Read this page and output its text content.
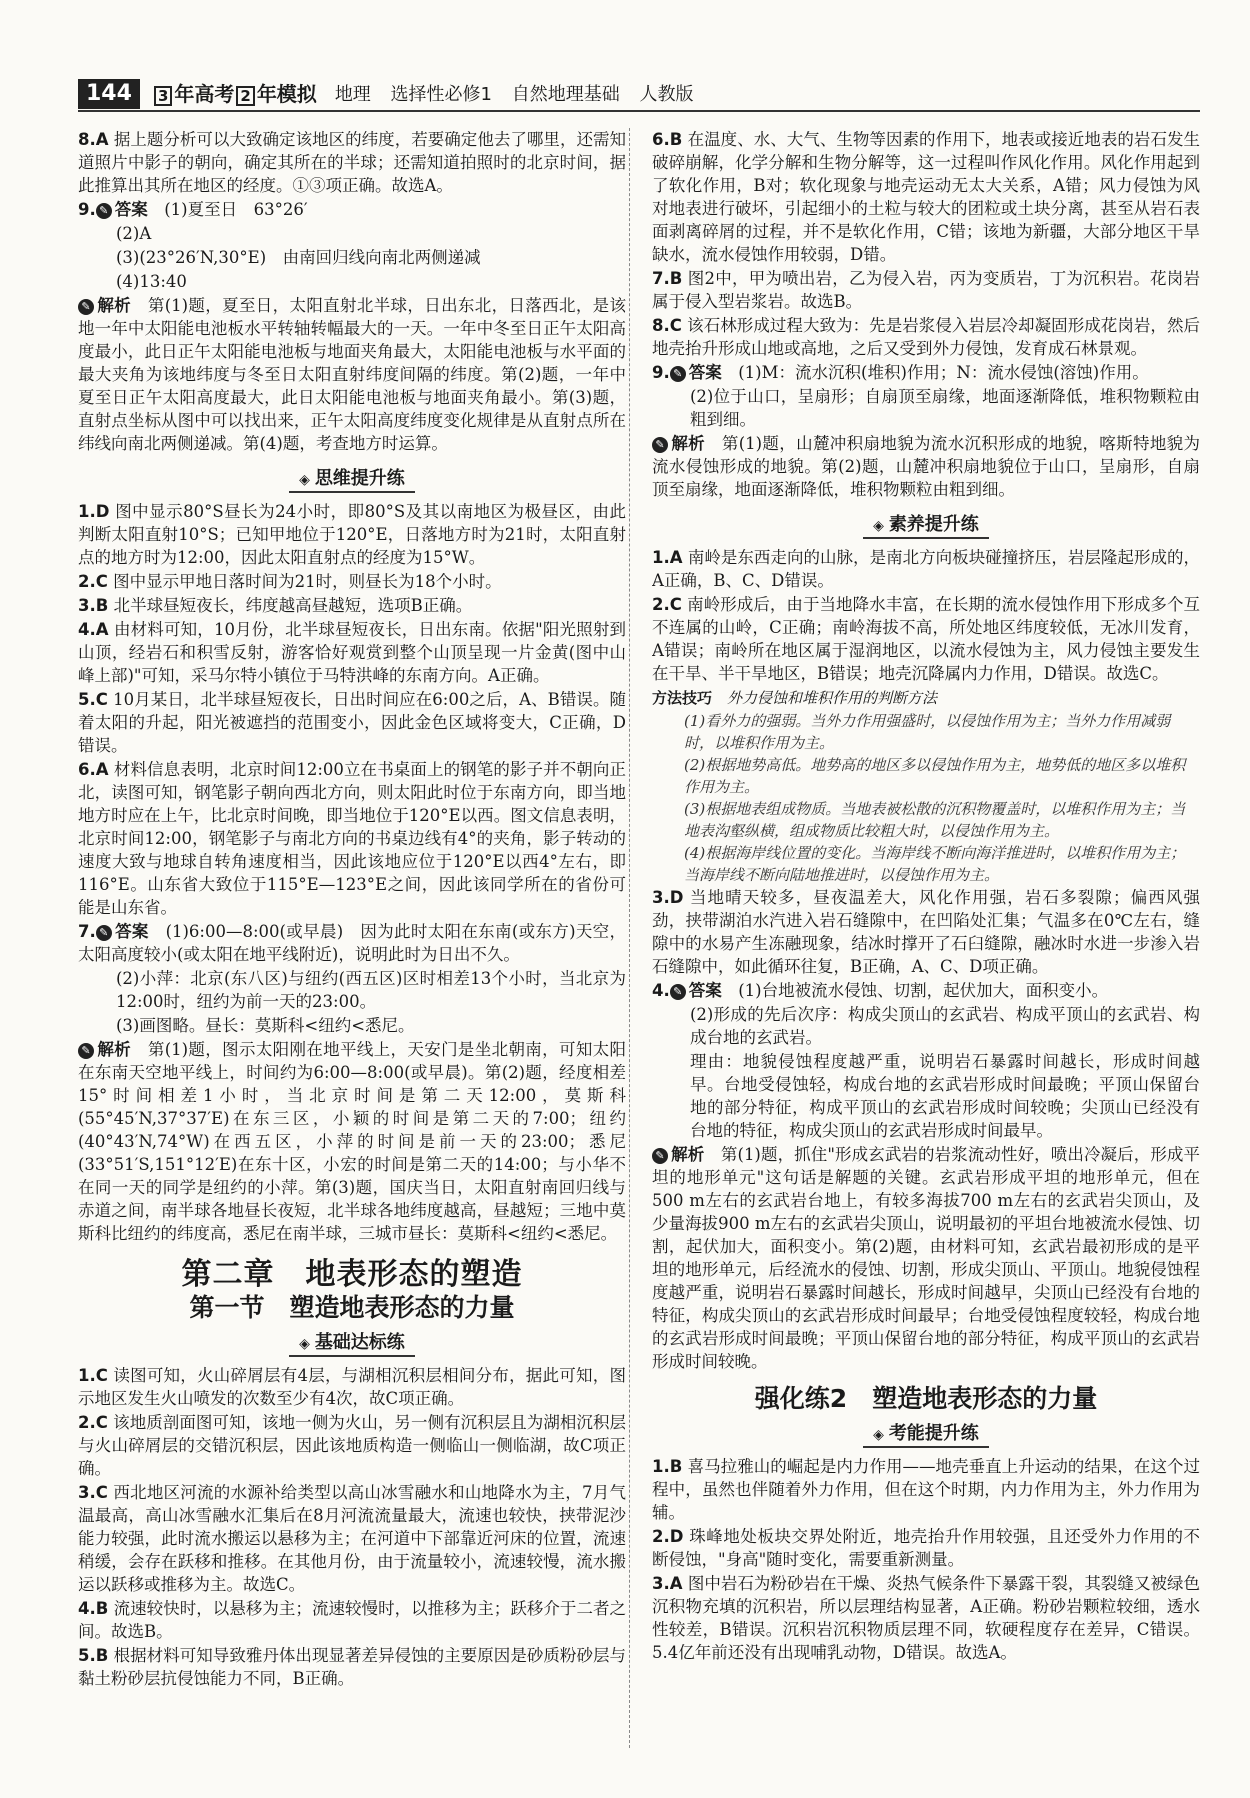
144	3 年高考 2 年模拟 地理 选择性必修1 自然地理基础 人教版
8.A 据上题分析可以大致确定该地区的纬度，若要确定他去了哪里，还需知道照片中影子的朝向，确定其所在的半球；还需知道拍照时的北京时间，据此推算出其所在地区的经度。①③项正确。故选A。
9. ✎ 答案　 (1)夏至日　63°26′
(2)A
(3)(23°26′N,30°E)　由南回归线向南北两侧递减
(4)13:40
✎ 解析　 第(1)题，夏至日，太阳直射北半球，日出东北，日落西北，是该地一年中太阳能电池板水平转轴转幅最大的一天。一年中冬至日正午太阳高度最小，此日正午太阳能电池板与地面夹角最大，太阳能电池板与水平面的最大夹角为该地纬度与冬至日太阳直射纬度间隔的纬度。第(2)题，一年中夏至日正午太阳高度最大，此日太阳能电池板与地面夹角最小。第(3)题，直射点坐标从图中可以找出来，正午太阳高度纬度变化规律是从直射点所在纬线向南北两侧递减。第(4)题，考查地方时运算。
◈ 思维提升练
1.D 图中显示80°S昼长为24小时，即80°S及其以南地区为极昼区，由此判断太阳直射10°S；已知甲地位于120°E，日落地方时为21时，太阳直射点的地方时为12:00，因此太阳直射点的经度为15°W。
2.C 图中显示甲地日落时间为21时，则昼长为18个小时。
3.B 北半球昼短夜长，纬度越高昼越短，选项B正确。
4.A 由材料可知，10月份，北半球昼短夜长，日出东南。依据"阳光照射到山顶，经岩石和积雪反射，游客恰好观赏到整个山顶呈现一片金黄(图中山峰上部)"可知，采马尔特小镇位于马特洪峰的东南方向。A正确。
5.C 10月某日，北半球昼短夜长，日出时间应在6:00之后，A、B错误。随着太阳的升起，阳光被遮挡的范围变小，因此金色区域将变大，C正确，D错误。
6.A 材料信息表明，北京时间12:00立在书桌面上的钢笔的影子并不朝向正北，读图可知，钢笔影子朝向西北方向，则太阳此时位于东南方向，即当地地方时应在上午，比北京时间晚，即当地位于120°E以西。图文信息表明，北京时间12:00，钢笔影子与南北方向的书桌边线有4°的夹角，影子转动的速度大致与地球自转角速度相当，因此该地应位于120°E以西4°左右，即116°E。山东省大致位于115°E—123°E之间，因此该同学所在的省份可能是山东省。
7. ✎ 答案　 (1)6:00—8:00(或早晨)　因为此时太阳在东南(或东方)天空，太阳高度较小(或太阳在地平线附近)，说明此时为日出不久。
(2)小萍：北京(东八区)与纽约(西五区)区时相差13个小时，当北京为12:00时，纽约为前一天的23:00。
(3)画图略。昼长：莫斯科<纽约<悉尼。
✎ 解析　 第(1)题，图示太阳刚在地平线上，天安门是坐北朝南，可知太阳在东南天空地平线上，时间约为6:00—8:00(或早晨)。第(2)题，经度相差15°时间相差1小时，当北京时间是第二天12:00，莫斯科(55°45′N,37°37′E)在东三区，小颖的时间是第二天的7:00；纽约(40°43′N,74°W)在西五区，小萍的时间是前一天的23:00；悉尼(33°51′S,151°12′E)在东十区，小宏的时间是第二天的14:00；与小华不在同一天的同学是纽约的小萍。第(3)题，国庆当日，太阳直射南回归线与赤道之间，南半球各地昼长夜短，北半球各地纬度越高，昼越短；三地中莫斯科比纽约的纬度高，悉尼在南半球，三城市昼长：莫斯科<纽约<悉尼。
第二章　地表形态的塑造
第一节　塑造地表形态的力量
◈ 基础达标练
1.C 读图可知，火山碎屑层有4层，与湖相沉积层相间分布，据此可知，图示地区发生火山喷发的次数至少有4次，故C项正确。
2.C 该地质剖面图可知，该地一侧为火山，另一侧有沉积层且为湖相沉积层与火山碎屑层的交错沉积层，因此该地质构造一侧临山一侧临湖，故C项正确。
3.C 西北地区河流的水源补给类型以高山冰雪融水和山地降水为主，7月气温最高，高山冰雪融水汇集后在8月河流流量最大，流速也较快，挟带泥沙能力较强，此时流水搬运以悬移为主；在河道中下部靠近河床的位置，流速稍缓，会存在跃移和推移。在其他月份，由于流量较小，流速较慢，流水搬运以跃移或推移为主。故选C。
4.B 流速较快时，以悬移为主；流速较慢时，以推移为主；跃移介于二者之间。故选B。
5.B 根据材料可知导致雅丹体出现显著差异侵蚀的主要原因是砂质粉砂层与黏土粉砂层抗侵蚀能力不同，B正确。
6.B 在温度、水、大气、生物等因素的作用下，地表或接近地表的岩石发生破碎崩解，化学分解和生物分解等，这一过程叫作风化作用。风化作用起到了软化作用，B对；软化现象与地壳运动无太大关系，A错；风力侵蚀为风对地表进行破坏，引起细小的土粒与较大的团粒或土块分离，甚至从岩石表面剥离碎屑的过程，并不是软化作用，C错；该地为新疆，大部分地区干旱缺水，流水侵蚀作用较弱，D错。
7.B 图2中，甲为喷出岩，乙为侵入岩，丙为变质岩，丁为沉积岩。花岗岩属于侵入型岩浆岩。故选B。
8.C 该石林形成过程大致为：先是岩浆侵入岩层冷却凝固形成花岗岩，然后地壳抬升形成山地或高地，之后又受到外力侵蚀，发育成石林景观。
9. ✎ 答案　 (1)M：流水沉积(堆积)作用；N：流水侵蚀(溶蚀)作用。
(2)位于山口，呈扇形；自扇顶至扇缘，地面逐渐降低，堆积物颗粒由粗到细。
✎ 解析　 第(1)题，山麓冲积扇地貌为流水沉积形成的地貌，喀斯特地貌为流水侵蚀形成的地貌。第(2)题，山麓冲积扇地貌位于山口，呈扇形，自扇顶至扇缘，地面逐渐降低，堆积物颗粒由粗到细。
◈ 素养提升练
1.A 南岭是东西走向的山脉，是南北方向板块碰撞挤压，岩层隆起形成的，A正确，B、C、D错误。
2.C 南岭形成后，由于当地降水丰富，在长期的流水侵蚀作用下形成多个互不连属的山岭，C正确；南岭海拔不高，所处地区纬度较低，无冰川发育，A错误；南岭所在地区属于湿润地区，以流水侵蚀为主，风力侵蚀主要发生在干旱、半干旱地区，B错误；地壳沉降属内力作用，D错误。故选C。
方法技巧　 外力侵蚀和堆积作用的判断方法
(1)看外力的强弱。当外力作用强盛时，以侵蚀作用为主；当外力作用减弱时，以堆积作用为主。
(2)根据地势高低。地势高的地区多以侵蚀作用为主，地势低的地区多以堆积作用为主。
(3)根据地表组成物质。当地表被松散的沉积物覆盖时，以堆积作用为主；当地表沟壑纵横，组成物质比较粗大时，以侵蚀作用为主。
(4)根据海岸线位置的变化。当海岸线不断向海洋推进时，以堆积作用为主；当海岸线不断向陆地推进时，以侵蚀作用为主。
3.D 当地晴天较多，昼夜温差大，风化作用强，岩石多裂隙；偏西风强劲，挟带湖泊水汽进入岩石缝隙中，在凹陷处汇集；气温多在0℃左右，缝隙中的水易产生冻融现象，结冰时撑开了石臼缝隙，融冰时水进一步渗入岩石缝隙中，如此循环往复，B正确，A、C、D项正确。
4. ✎ 答案　 (1)台地被流水侵蚀、切割，起伏加大，面积变小。
(2)形成的先后次序：构成尖顶山的玄武岩、构成平顶山的玄武岩、构成台地的玄武岩。
理由：地貌侵蚀程度越严重，说明岩石暴露时间越长，形成时间越早。台地受侵蚀轻，构成台地的玄武岩形成时间最晚；平顶山保留台地的部分特征，构成平顶山的玄武岩形成时间较晚；尖顶山已经没有台地的特征，构成尖顶山的玄武岩形成时间最早。
✎ 解析　 第(1)题，抓住"形成玄武岩的岩浆流动性好，喷出冷凝后，形成平坦的地形单元"这句话是解题的关键。玄武岩形成平坦的地形单元，但在500 m左右的玄武岩台地上，有较多海拔700 m左右的玄武岩尖顶山，及少量海拔900 m左右的玄武岩尖顶山，说明最初的平坦台地被流水侵蚀、切割，起伏加大，面积变小。第(2)题，由材料可知，玄武岩最初形成的是平坦的地形单元，后经流水的侵蚀、切割，形成尖顶山、平顶山。地貌侵蚀程度越严重，说明岩石暴露时间越长，形成时间越早，尖顶山已经没有台地的特征，构成尖顶山的玄武岩形成时间最早；台地受侵蚀程度较轻，构成台地的玄武岩形成时间最晚；平顶山保留台地的部分特征，构成平顶山的玄武岩形成时间较晚。
强化练2　塑造地表形态的力量
◈ 考能提升练
1.B 喜马拉雅山的崛起是内力作用——地壳垂直上升运动的结果，在这个过程中，虽然也伴随着外力作用，但在这个时期，内力作用为主，外力作用为辅。
2.D 珠峰地处板块交界处附近，地壳抬升作用较强，且还受外力作用的不断侵蚀，"身高"随时变化，需要重新测量。
3.A 图中岩石为粉砂岩在干燥、炎热气候条件下暴露干裂，其裂缝又被绿色沉积物充填的沉积岩，所以层理结构显著，A正确。粉砂岩颗粒较细，透水性较差，B错误。沉积岩沉积物质层理不同，软硬程度存在差异，C错误。5.4亿年前还没有出现哺乳动物，D错误。故选A。
